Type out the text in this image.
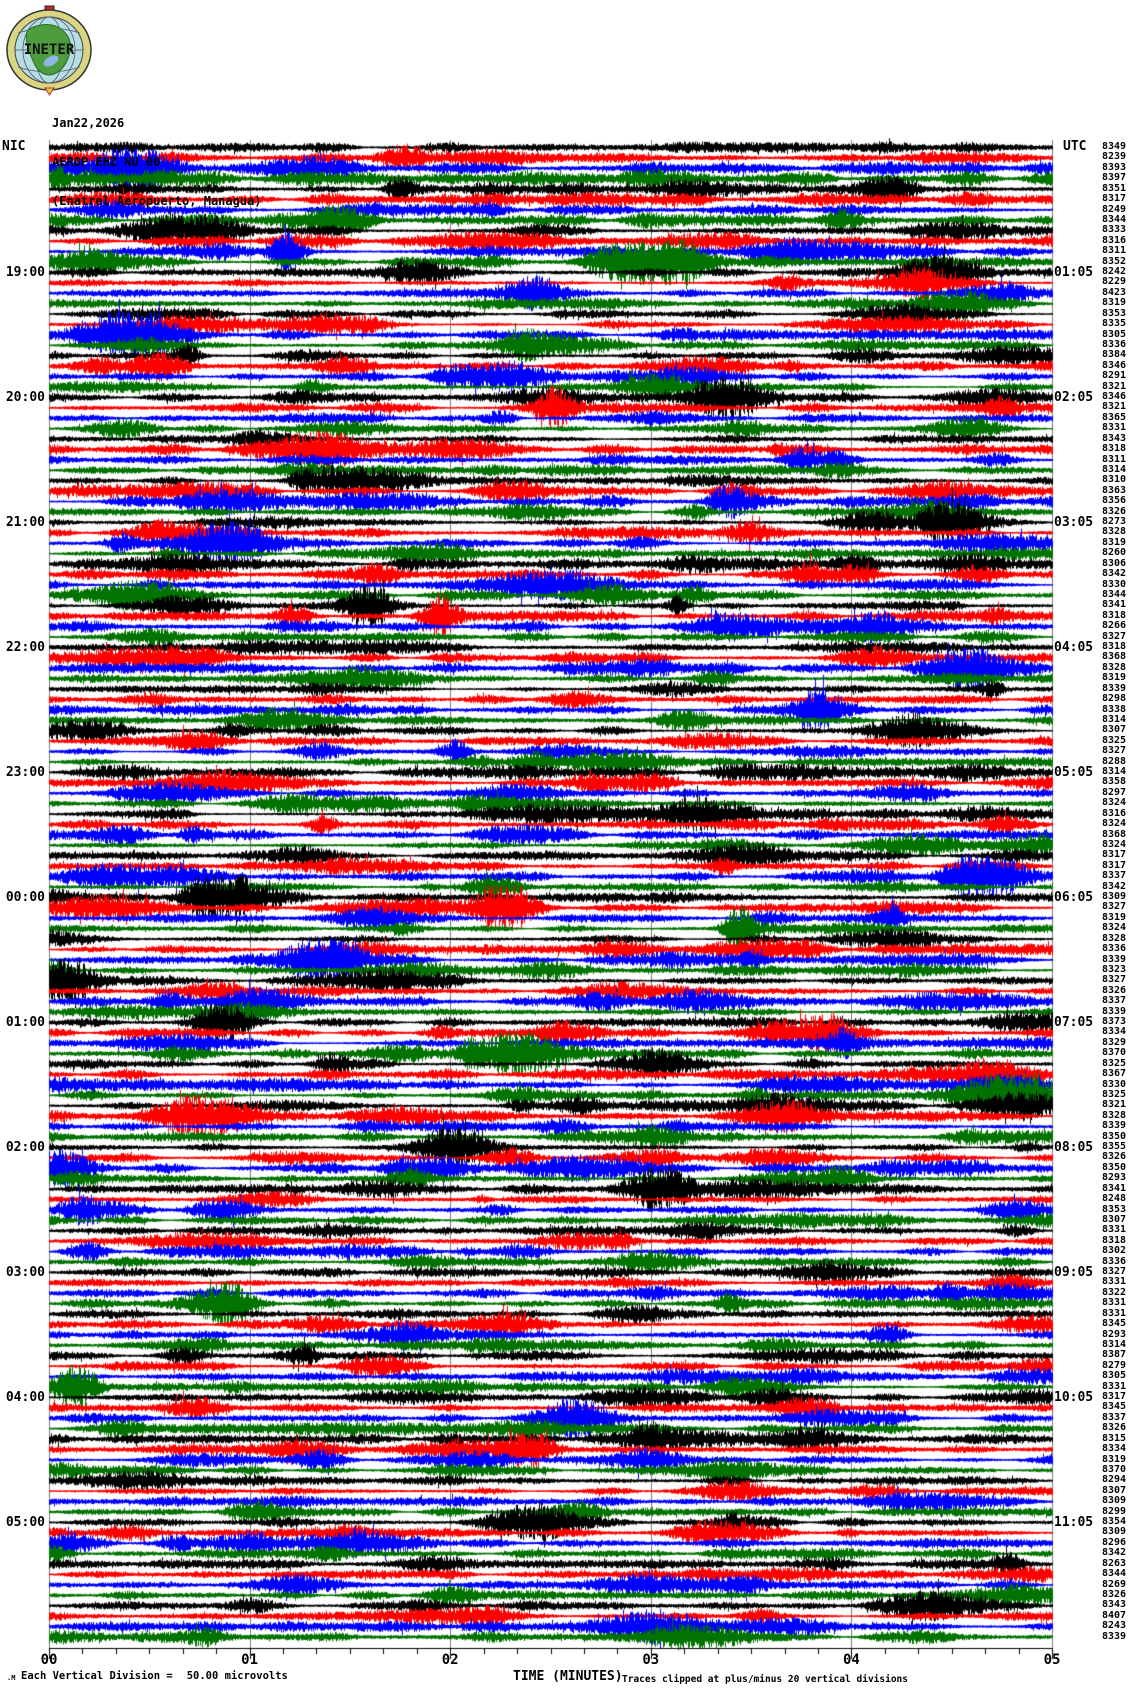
INETER

Jan22,2026

AEROP EHZ NU 00

(Enatrel Aeropuerto, Managua)

NIC	UTC
19:00
20:00
21:00
22:00
23:00
00:00
01:00
02:00
03:00
04:00
05:00
01:05
02:05
03:05
04:05
05:05
06:05
07:05
08:05
09:05
10:05
11:05
8349
8239
8393
8397
8351
8317
8249
8344
8333
8316
8311
8352
8242
8229
8423
8319
8353
8335
8305
8336
8384
8346
8291
8321
8346
8321
8365
8331
8343
8318
8311
8314
8310
8363
8356
8326
8273
8328
8319
8260
8306
8342
8330
8344
8341
8318
8266
8327
8318
8368
8328
8319
8339
8298
8338
8314
8307
8325
8327
8288
8314
8358
8297
8324
8316
8324
8368
8324
8317
8317
8337
8342
8309
8327
8319
8324
8328
8336
8339
8323
8327
8326
8337
8339
8373
8334
8329
8370
8325
8367
8330
8325
8321
8328
8339
8350
8355
8326
8350
8293
8341
8248
8353
8307
8331
8318
8302
8336
8327
8331
8322
8331
8331
8345
8293
8314
8387
8279
8305
8331
8317
8345
8337
8326
8315
8334
8319
8370
8294
8307
8309
8299
8354
8309
8296
8342
8263
8344
8269
8326
8343
8407
8243
8339
00	01	02	03	04	05
TIME (MINUTES) Traces clipped at plus/minus 20 vertical divisions
.M Each Vertical Division = 50.00 microvolts
